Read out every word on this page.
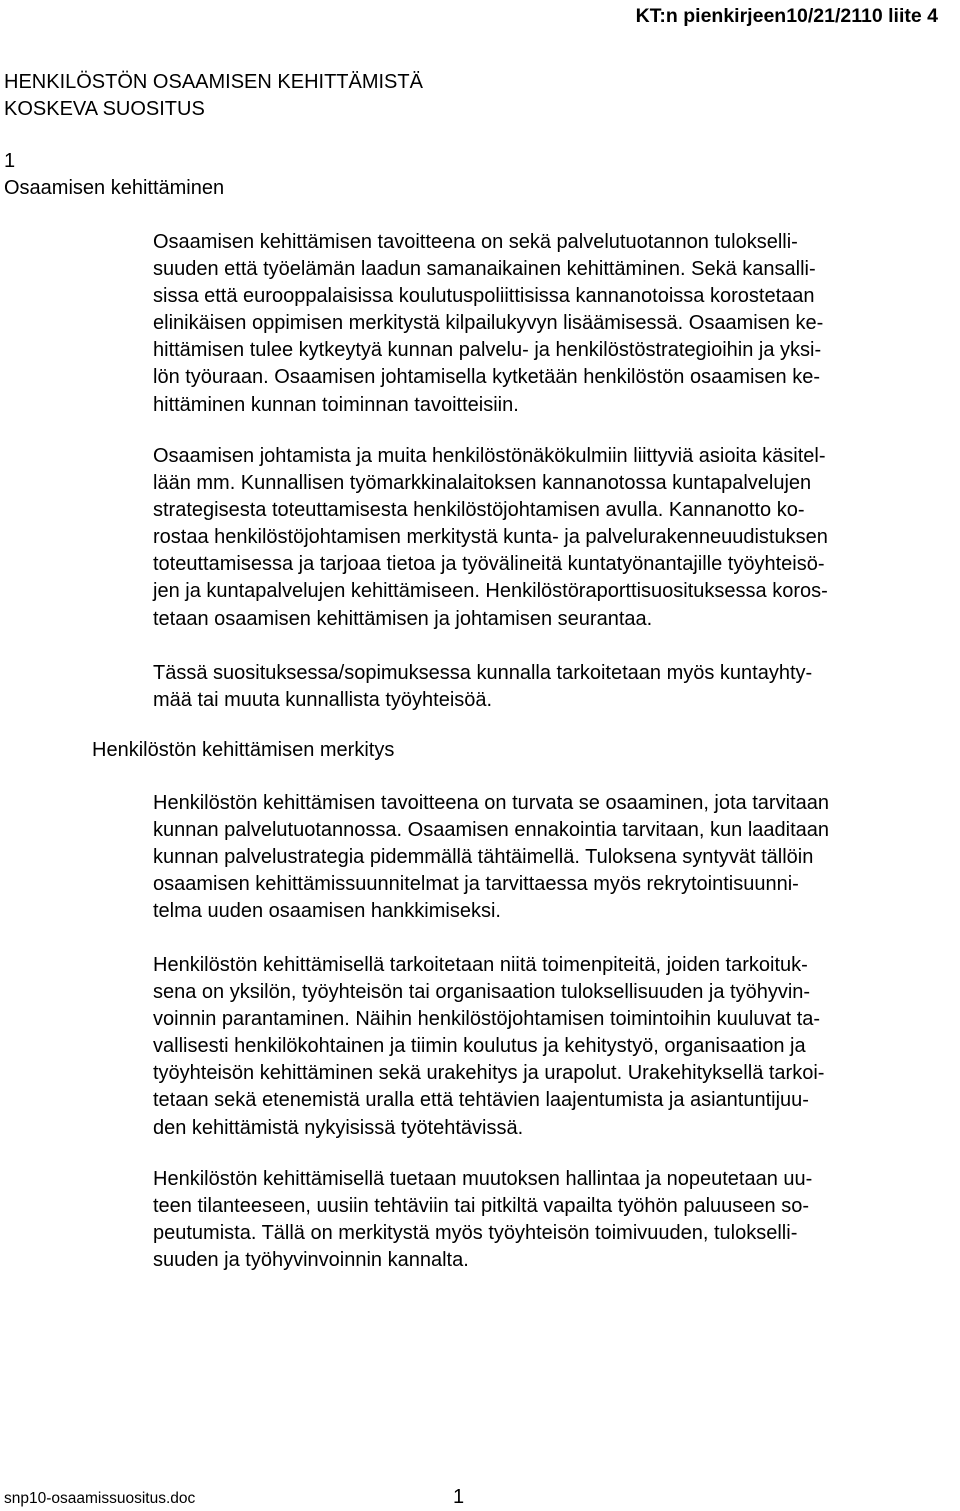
KT:n pienkirjeen10/21/2110 liite 4
HENKILÖSTÖN OSAAMISEN KEHITTÄMISTÄ
KOSKEVA SUOSITUS
1
Osaamisen kehittäminen
Osaamisen kehittämisen tavoitteena on sekä palvelutuotannon tulokselli-
suuden että työelämän laadun samanaikainen kehittäminen. Sekä kansalli-
sissa että eurooppalaisissa koulutuspoliittisissa kannanotoissa korostetaan
elinikäisen oppimisen merkitystä kilpailukyvyn lisäämisessä. Osaamisen ke-
hittämisen tulee kytkeytyä kunnan palvelu- ja henkilöstöstrategioihin ja yksi-
lön työuraan. Osaamisen johtamisella kytketään henkilöstön osaamisen ke-
hittäminen kunnan toiminnan tavoitteisiin.
Osaamisen johtamista ja muita henkilöstönäkökulmiin liittyviä asioita käsitel-
lään mm. Kunnallisen työmarkkinalaitoksen kannanotossa kuntapalvelujen
strategisesta toteuttamisesta henkilöstöjohtamisen avulla. Kannanotto ko-
rostaa henkilöstöjohtamisen merkitystä kunta- ja palvelurakenneuudistuksen
toteuttamisessa ja tarjoaa tietoa ja työvälineitä kuntatyönantajille työyhteisö-
jen ja kuntapalvelujen kehittämiseen. Henkilöstöraporttisuosituksessa koros-
tetaan osaamisen kehittämisen ja johtamisen seurantaa.
Tässä suosituksessa/sopimuksessa kunnalla tarkoitetaan myös kuntayhty-
mää tai muuta kunnallista työyhteisöä.
Henkilöstön kehittämisen merkitys
Henkilöstön kehittämisen tavoitteena on turvata se osaaminen, jota tarvitaan
kunnan palvelutuotannossa. Osaamisen ennakointia tarvitaan, kun laaditaan
kunnan palvelustrategia pidemmällä tähtäimellä. Tuloksena syntyvät tällöin
osaamisen kehittämissuunnitelmat ja tarvittaessa myös rekrytointisuunni-
telma uuden osaamisen hankkimiseksi.
Henkilöstön kehittämisellä tarkoitetaan niitä toimenpiteitä, joiden tarkoituk-
sena on yksilön, työyhteisön tai organisaation tuloksellisuuden ja työhyvin-
voinnin parantaminen. Näihin henkilöstöjohtamisen toimintoihin kuuluvat ta-
vallisesti henkilökohtainen ja tiimin koulutus ja kehitystyö, organisaation ja
työyhteisön kehittäminen sekä urakehitys ja urapolut. Urakehityksellä tarkoi-
tetaan sekä etenemistä uralla että tehtävien laajentumista ja asiantuntijuu-
den kehittämistä nykyisissä työtehtävissä.
Henkilöstön kehittämisellä tuetaan muutoksen hallintaa ja nopeutetaan uu-
teen tilanteeseen, uusiin tehtäviin tai pitkiltä vapailta työhön paluuseen so-
peutumista. Tällä on merkitystä myös työyhteisön toimivuuden, tulokselli-
suuden ja työhyvinvoinnin kannalta.
snp10-osaamissuositus.doc	1
